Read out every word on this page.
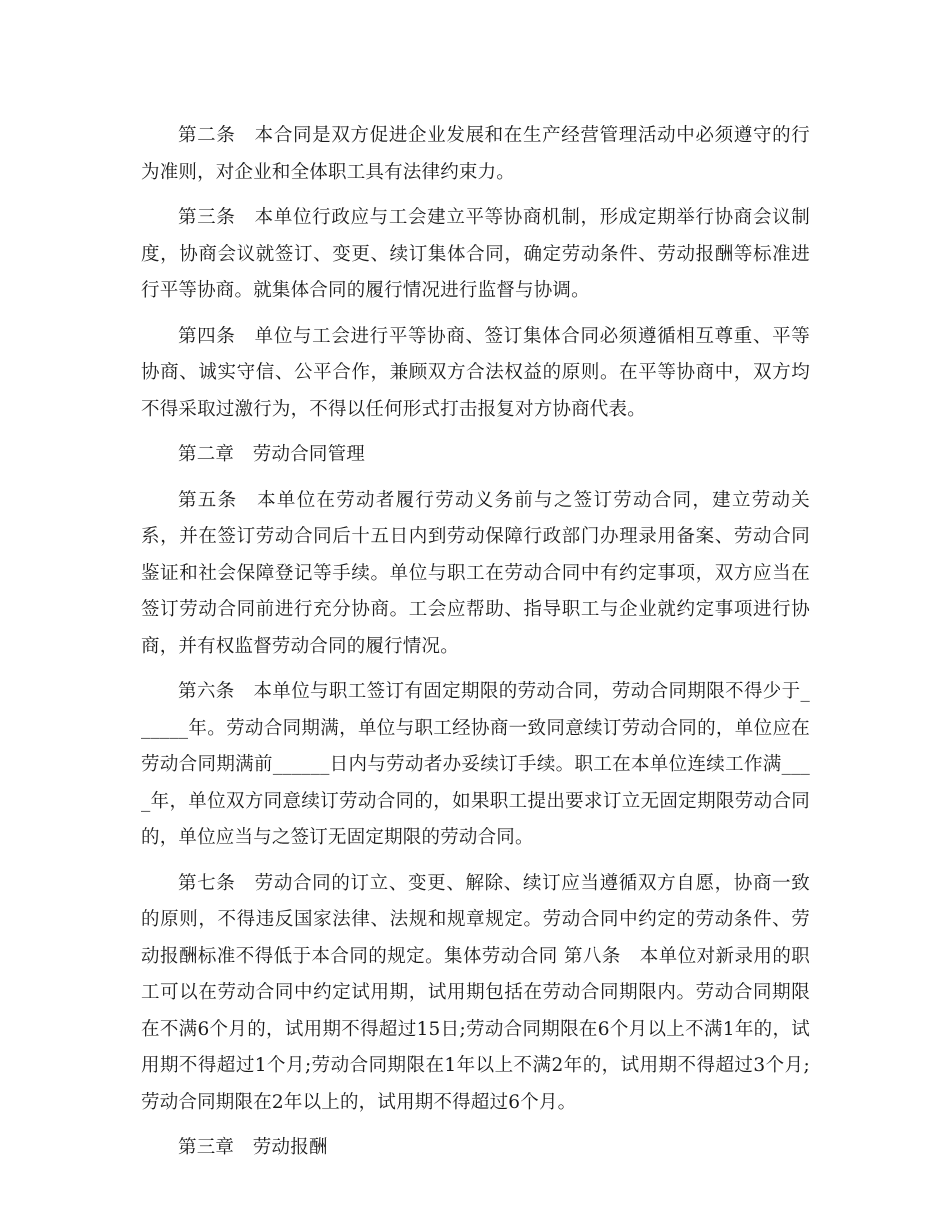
第二条　本合同是双方促进企业发展和在生产经营管理活动中必须遵守的行为准则，对企业和全体职工具有法律约束力。

第三条　本单位行政应与工会建立平等协商机制，形成定期举行协商会议制度，协商会议就签订、变更、续订集体合同，确定劳动条件、劳动报酬等标准进行平等协商。就集体合同的履行情况进行监督与协调。

第四条　单位与工会进行平等协商、签订集体合同必须遵循相互尊重、平等协商、诚实守信、公平合作，兼顾双方合法权益的原则。在平等协商中，双方均不得采取过激行为，不得以任何形式打击报复对方协商代表。

第二章　劳动合同管理

第五条　本单位在劳动者履行劳动义务前与之签订劳动合同，建立劳动关系，并在签订劳动合同后十五日内到劳动保障行政部门办理录用备案、劳动合同鉴证和社会保障登记等手续。单位与职工在劳动合同中有约定事项，双方应当在签订劳动合同前进行充分协商。工会应帮助、指导职工与企业就约定事项进行协商，并有权监督劳动合同的履行情况。

第六条　本单位与职工签订有固定期限的劳动合同，劳动合同期限不得少于______年。劳动合同期满，单位与职工经协商一致同意续订劳动合同的，单位应在劳动合同期满前______日内与劳动者办妥续订手续。职工在本单位连续工作满____年，单位双方同意续订劳动合同的，如果职工提出要求订立无固定期限劳动合同的，单位应当与之签订无固定期限的劳动合同。

第七条　劳动合同的订立、变更、解除、续订应当遵循双方自愿，协商一致的原则，不得违反国家法律、法规和规章规定。劳动合同中约定的劳动条件、劳动报酬标准不得低于本合同的规定。集体劳动合同 第八条　本单位对新录用的职工可以在劳动合同中约定试用期，试用期包括在劳动合同期限内。劳动合同期限在不满6个月的，试用期不得超过15日;劳动合同期限在6个月以上不满1年的，试用期不得超过1个月;劳动合同期限在1年以上不满2年的，试用期不得超过3个月;劳动合同期限在2年以上的，试用期不得超过6个月。

第三章　劳动报酬
